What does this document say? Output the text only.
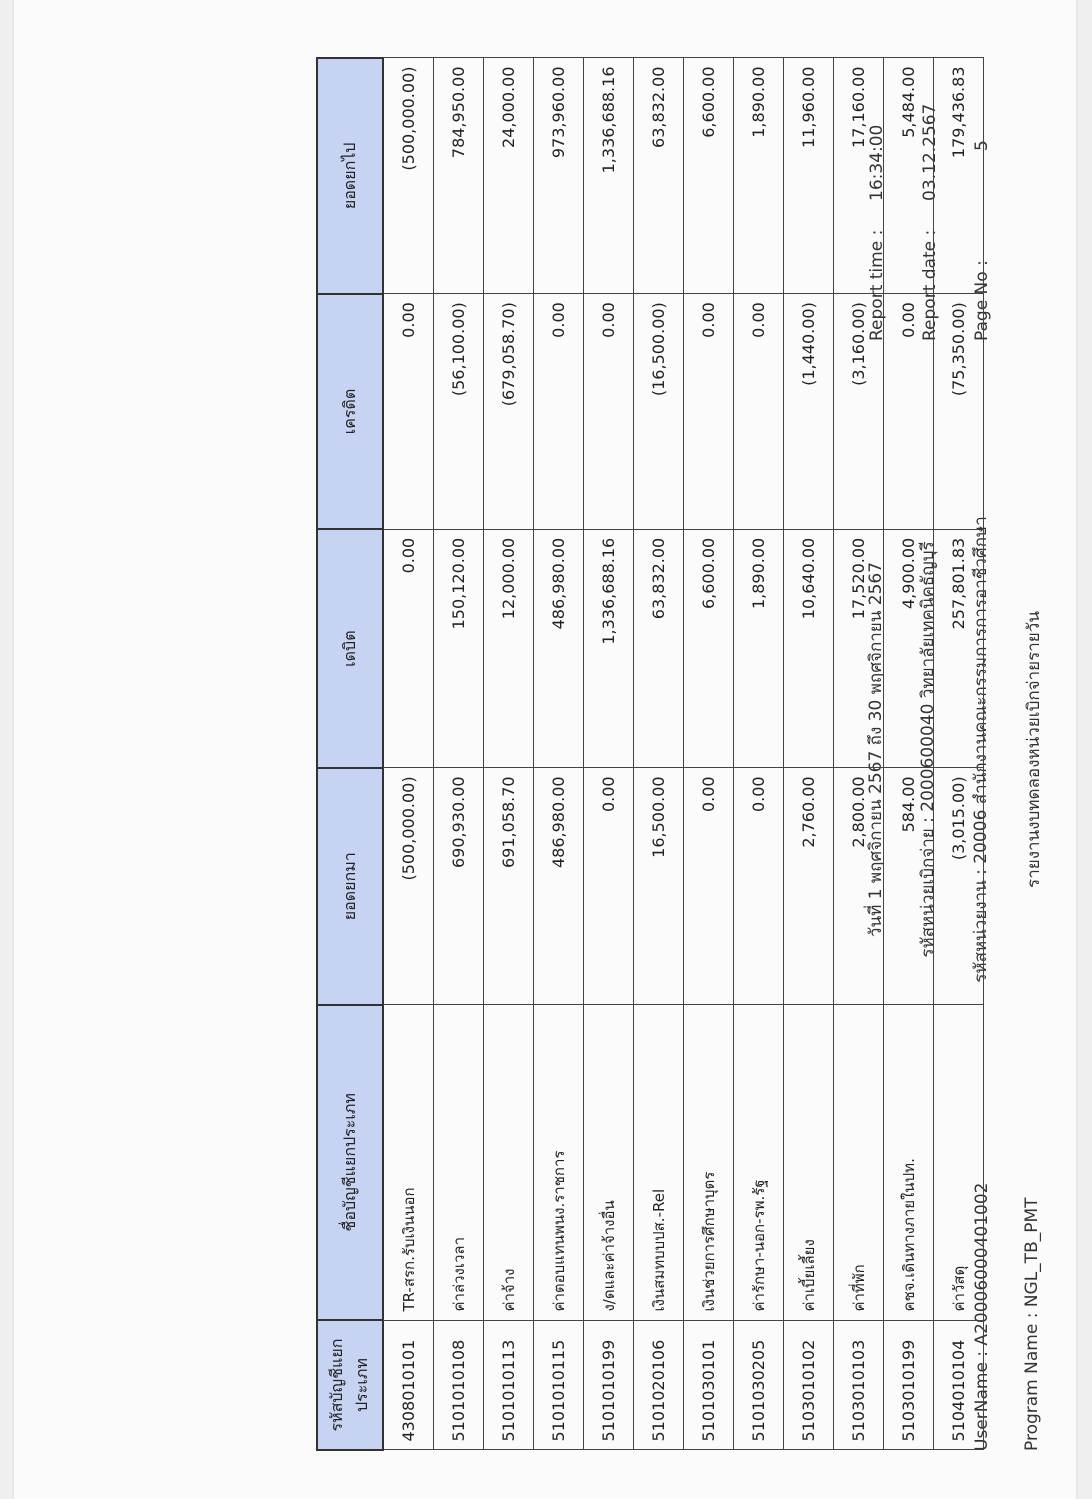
Program Name : NGL_TB_PMT
UserName : A20006000401002
รายงานงบทดลองหน่วยเบิกจ่ายรายวัน
รหัสหน่วยงาน : 20006 สำนักงานคณะกรรมการการอาชีวศึกษา
รหัสหน่วยเบิกจ่าย : 2000600040 วิทยาลัยเทคนิคธัญบุรี
วันที่ 1 พฤศจิกายน 2567 ถึง 30 พฤศจิกายน 2567
Page No :
5
Report date :
03.12.2567
Report time :
16:34:00
รหัสบัญชีแยกประเภท	ชื่อบัญชีแยกประเภท	ยอดยกมา	เดบิต	เครดิต	ยอดยกไป
4308010101	TR-สรก.รับเงินนอก	(500,000.00)	0.00	0.00	(500,000.00)
5101010108	ค่าล่วงเวลา	690,930.00	150,120.00	(56,100.00)	784,950.00
5101010113	ค่าจ้าง	691,058.70	12,000.00	(679,058.70)	24,000.00
5101010115	ค่าตอบแทนพนง.ราชการ	486,980.00	486,980.00	0.00	973,960.00
5101010199	ง/ดและค่าจ้างอื่น	0.00	1,336,688.16	0.00	1,336,688.16
5101020106	เงินสมทบบปส.-Rel	16,500.00	63,832.00	(16,500.00)	63,832.00
5101030101	เงินช่วยการศึกษาบุตร	0.00	6,600.00	0.00	6,600.00
5101030205	ค่ารักษา-นอก-รพ.รัฐ	0.00	1,890.00	0.00	1,890.00
5103010102	ค่าเบี้ยเลี้ยง	2,760.00	10,640.00	(1,440.00)	11,960.00
5103010103	ค่าที่พัก	2,800.00	17,520.00	(3,160.00)	17,160.00
5103010199	คชจ.เดินทางภายในปท.	584.00	4,900.00	0.00	5,484.00
5104010104	ค่าวัสดุ	(3,015.00)	257,801.83	(75,350.00)	179,436.83
